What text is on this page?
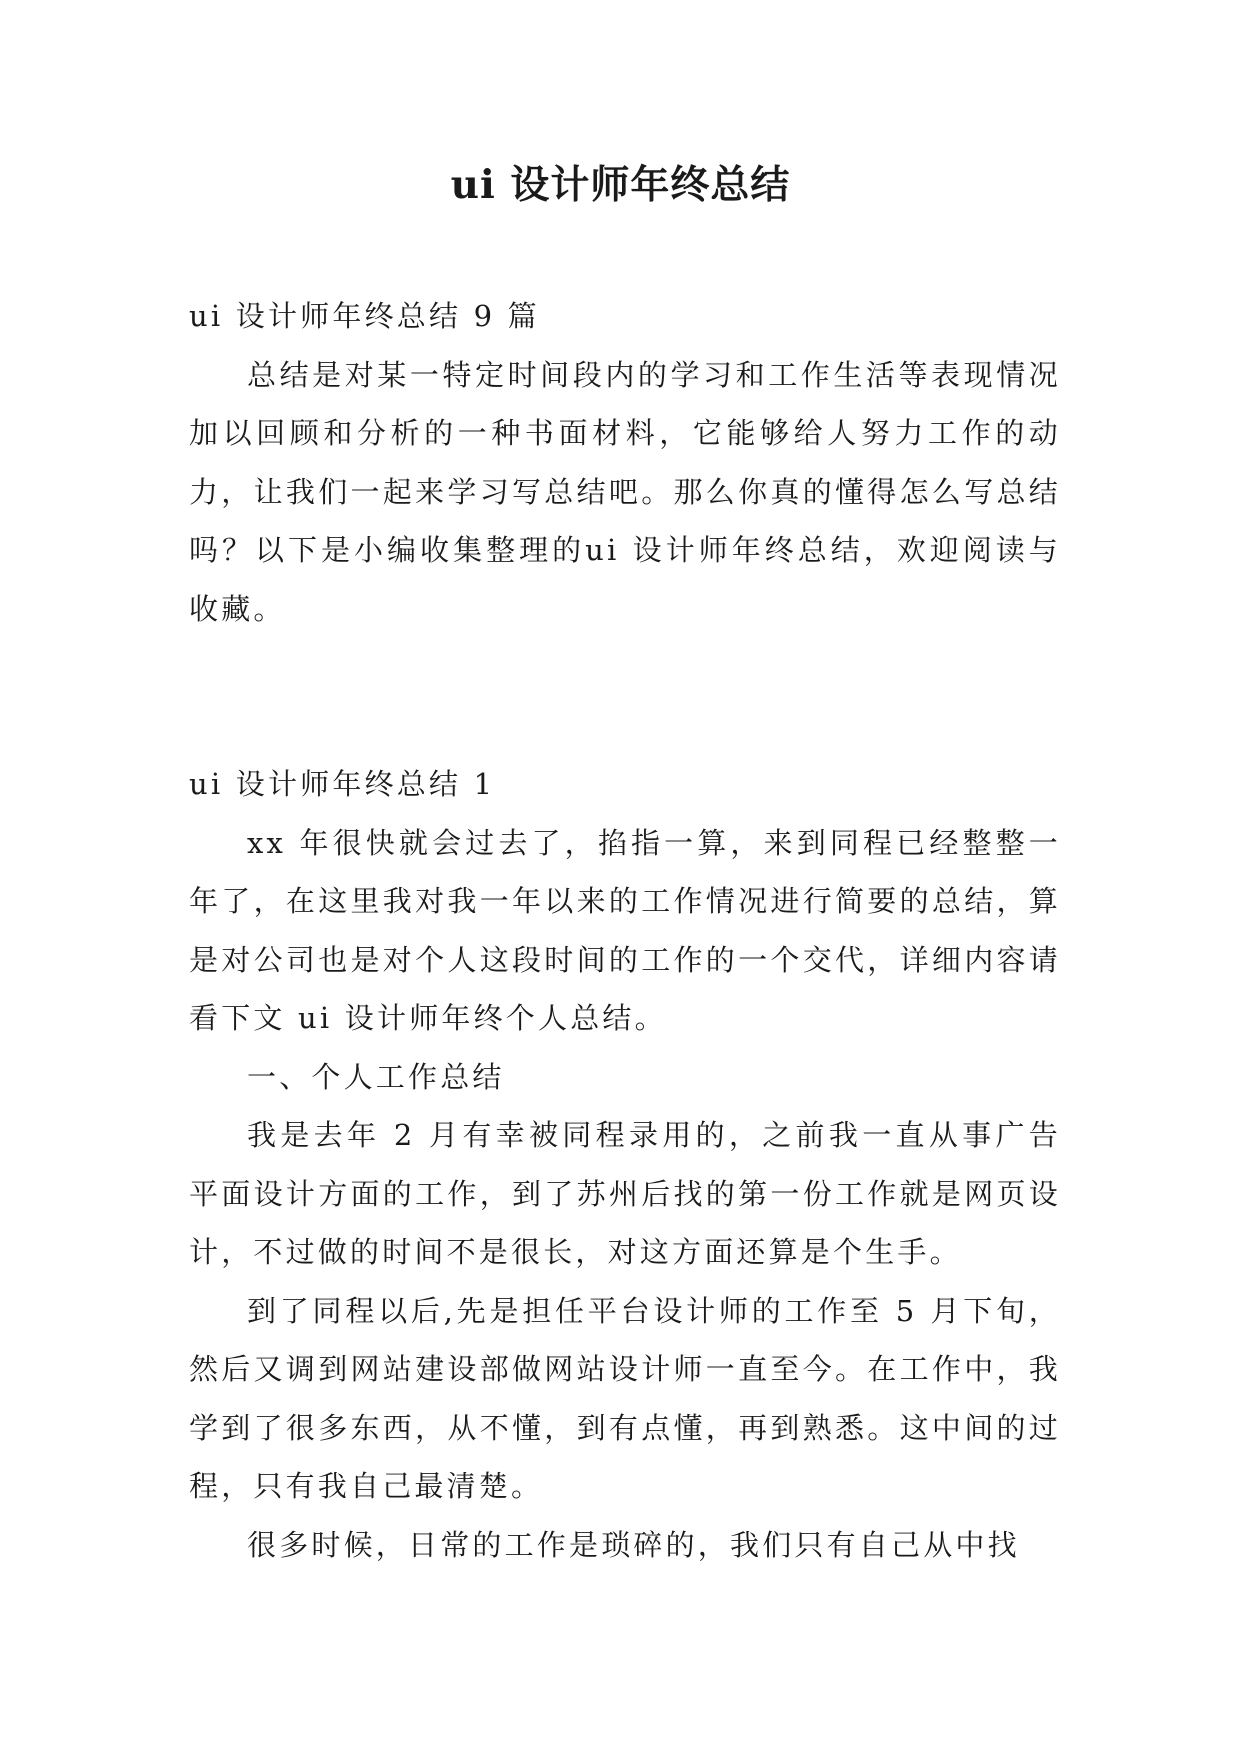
ui 设计师年终总结

ui 设计师年终总结 9 篇

总结是对某一特定时间段内的学习和工作生活等表现情况加以回顾和分析的一种书面材料，它能够给人努力工作的动力，让我们一起来学习写总结吧。那么你真的懂得怎么写总结吗？以下是小编收集整理的ui 设计师年终总结，欢迎阅读与收藏。

ui 设计师年终总结 1

xx 年很快就会过去了，掐指一算，来到同程已经整整一年了，在这里我对我一年以来的工作情况进行简要的总结，算是对公司也是对个人这段时间的工作的一个交代，详细内容请看下文 ui 设计师年终个人总结。

一、个人工作总结

我是去年 2 月有幸被同程录用的，之前我一直从事广告平面设计方面的工作，到了苏州后找的第一份工作就是网页设计，不过做的时间不是很长，对这方面还算是个生手。

到了同程以后,先是担任平台设计师的工作至 5 月下旬，然后又调到网站建设部做网站设计师一直至今。在工作中，我学到了很多东西，从不懂，到有点懂，再到熟悉。这中间的过程，只有我自己最清楚。

很多时候，日常的工作是琐碎的，我们只有自己从中找
